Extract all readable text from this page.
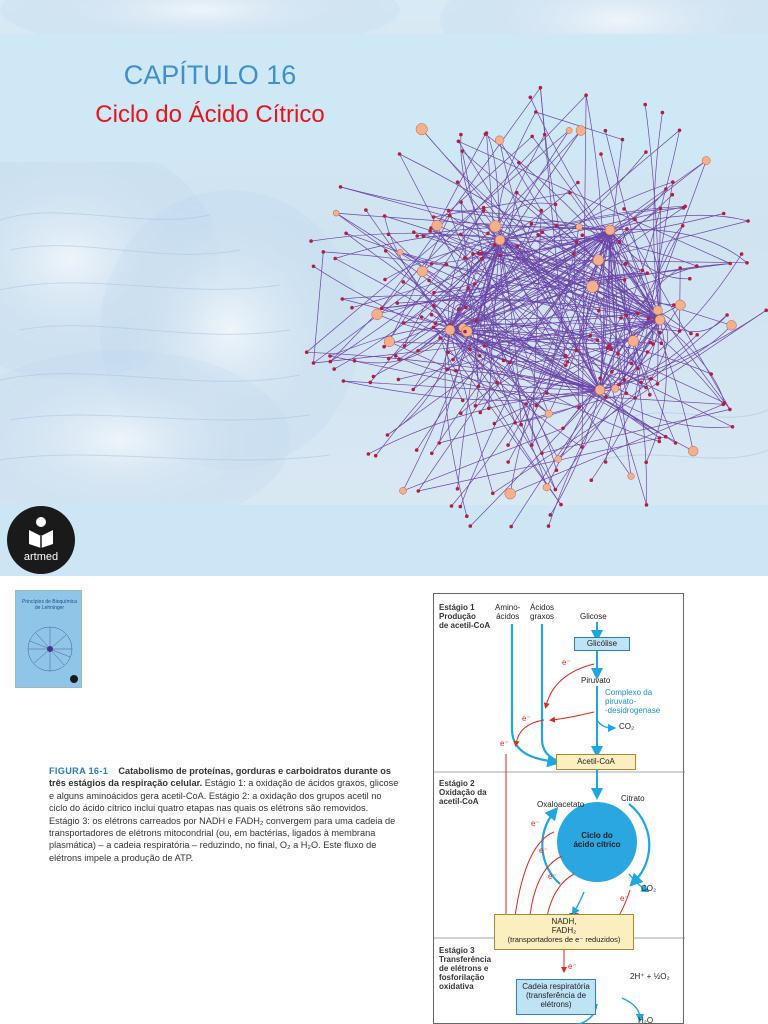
CAPÍTULO 16
Ciclo do Ácido Cítrico
artmed
Princípios de Bioquímica de Lehninger
FIGURA 16-1 Catabolismo de proteínas, gorduras e carboidratos durante os três estágios da respiração celular. Estágio 1: a oxidação de ácidos graxos, glicose e alguns aminoácidos gera acetil-CoA. Estágio 2: a oxidação dos grupos acetil no ciclo do ácido cítrico inclui quatro etapas nas quais os elétrons são removidos. Estágio 3: os elétrons carreados por NADH e FADH₂ convergem para uma cadeia de transportadores de elétrons mitocondrial (ou, em bactérias, ligados à membrana plasmática) – a cadeia respiratória – reduzindo, no final, O₂ a H₂O. Este fluxo de elétrons impele a produção de ATP.
Estágio 1
Produção
de acetil-CoA
Estágio 2
Oxidação da
acetil-CoA
Estágio 3
Transferência
de elétrons e
fosforilação
oxidativa
Amino-
ácidos
Ácidos
graxos	Glicose
Glicólise
Piruvato
Complexo da
piruvato-
-desidrogenase
CO₂
e⁻
e⁻
e⁻
Acetil-CoA
Oxaloacetato
Citrato
Ciclo do
ácido cítrico
CO₂
e⁻
e⁻
e⁻
e⁻
NADH,
FADH₂
(transportadores de e⁻ reduzidos)
e⁻
Cadeia respiratória
(transferência de
elétrons)
2H⁺ + ½O₂
H₂O
